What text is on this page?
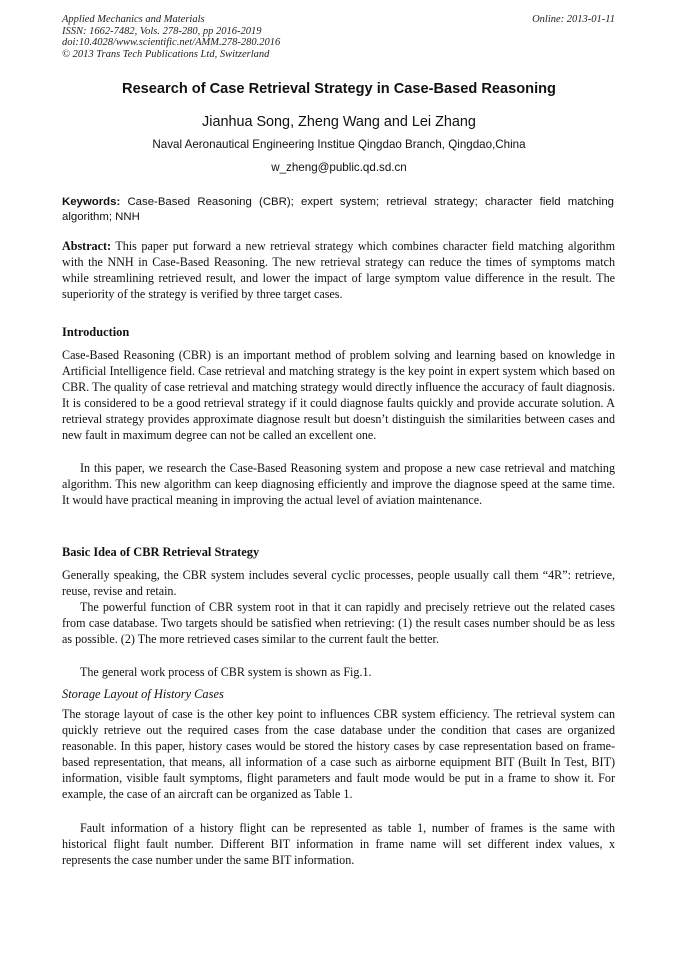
Applied Mechanics and Materials
ISSN: 1662-7482, Vols. 278-280, pp 2016-2019
doi:10.4028/www.scientific.net/AMM.278-280.2016
© 2013 Trans Tech Publications Ltd, Switzerland
Online: 2013-01-11
Research of Case Retrieval Strategy in Case-Based Reasoning
Jianhua Song, Zheng Wang and Lei Zhang
Naval Aeronautical Engineering Institue Qingdao Branch, Qingdao,China
w_zheng@public.qd.sd.cn
Keywords: Case-Based Reasoning (CBR); expert system; retrieval strategy; character field matching algorithm; NNH

Abstract: This paper put forward a new retrieval strategy which combines character field matching algorithm with the NNH in Case-Based Reasoning. The new retrieval strategy can reduce the times of symptoms match while streamlining retrieved result, and lower the impact of large symptom value difference in the result. The superiority of the strategy is verified by three target cases.

Introduction

Case-Based Reasoning (CBR) is an important method of problem solving and learning based on knowledge in Artificial Intelligence field. Case retrieval and matching strategy is the key point in expert system which based on CBR. The quality of case retrieval and matching strategy would directly influence the accuracy of fault diagnosis. It is considered to be a good retrieval strategy if it could diagnose faults quickly and provide accurate solution. A retrieval strategy provides approximate diagnose result but doesn’t distinguish the similarities between cases and new fault in maximum degree can not be called an excellent one.

In this paper, we research the Case-Based Reasoning system and propose a new case retrieval and matching algorithm. This new algorithm can keep diagnosing efficiently and improve the diagnose speed at the same time. It would have practical meaning in improving the actual level of aviation maintenance.

Basic Idea of CBR Retrieval Strategy

Generally speaking, the CBR system includes several cyclic processes, people usually call them “4R”: retrieve, reuse, revise and retain.

The powerful function of CBR system root in that it can rapidly and precisely retrieve out the related cases from case database. Two targets should be satisfied when retrieving: (1) the result cases number should be as less as possible. (2) The more retrieved cases similar to the current fault the better.

The general work process of CBR system is shown as Fig.1.

Storage Layout of History Cases

The storage layout of case is the other key point to influences CBR system efficiency. The retrieval system can quickly retrieve out the required cases from the case database under the condition that cases are organized reasonable. In this paper, history cases would be stored the history cases by case representation based on frame-based representation, that means, all information of a case such as airborne equipment BIT (Built In Test, BIT) information, visible fault symptoms, flight parameters and fault mode would be put in a frame to show it. For example, the case of an aircraft can be organized as Table 1.

Fault information of a history flight can be represented as table 1, number of frames is the same with historical flight fault number. Different BIT information in frame name will set different index values, x represents the case number under the same BIT information.
